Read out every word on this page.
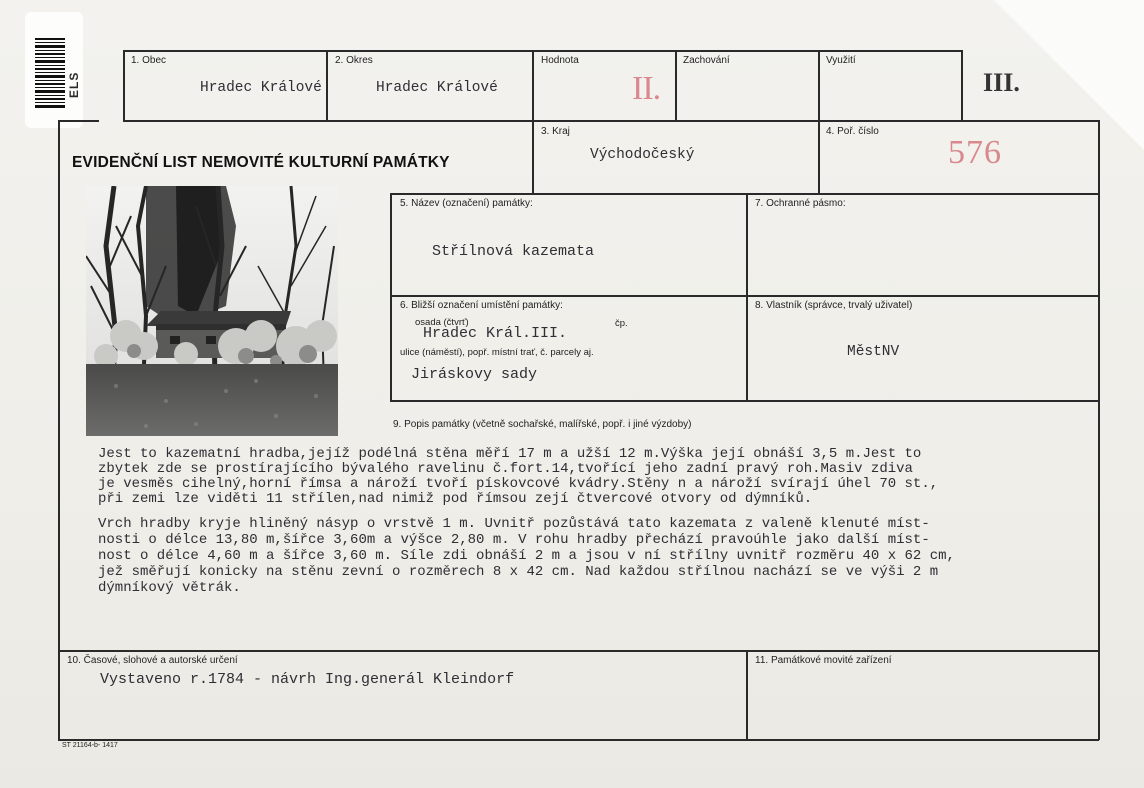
ELS
1. Obec
Hradec Králové
2. Okres
Hradec Králové
Hodnota
II.
Zachování	Využití
III.
EVIDENČNÍ LIST NEMOVITÉ KULTURNÍ PAMÁTKY
3. Kraj
Východočeský
4. Poř. číslo
576
5. Název (označení) památky:
Střílnová kazemata
7. Ochranné pásmo:
6. Bližší označení umístění památky:
osada (čtvrť)	čp.
Hradec Král.III.
ulice (náměstí), popř. místní trať, č. parcely aj.
Jiráskovy sady
8. Vlastník (správce, trvalý uživatel)
MěstNV
9. Popis památky (včetně sochařské, malířské, popř. i jiné výzdoby)
Jest to kazematní hradba,jejíž podélná stěna měří 17 m a užší 12 m.Výška její obnáší 3,5 m.Jest to
zbytek zde se prostírajícího bývalého ravelinu č.fort.14,tvořící jeho zadní pravý roh.Masiv zdiva
je vesměs cihelný,horní římsa a nároží tvoří pískovcové kvádry.Stěny n a nároží svírají úhel 70 st.,
při zemi lze viděti 11 střílen,nad nimiž pod římsou zejí čtvercové otvory od dýmníků.
Vrch hradby kryje hliněný násyp o vrstvě 1 m. Uvnitř pozůstává tato kazemata z valeně klenuté míst-
nosti o délce 13,80 m,šířce 3,60m a výšce 2,80 m. V rohu hradby přechází pravoúhle jako další míst-
nost o délce 4,60 m a šířce 3,60 m. Síle zdi obnáší 2 m a jsou v ní střílny uvnitř rozměru 40 x 62 cm,
jež směřují konicky na stěnu zevní o rozměrech 8 x 42 cm. Nad každou střílnou nachází se ve výši 2 m
dýmníkový větrák.
10. Časové, slohové a autorské určení
Vystaveno r.1784 - návrh Ing.generál Kleindorf
11. Památkové movité zařízení
ST 21164-b- 1417
